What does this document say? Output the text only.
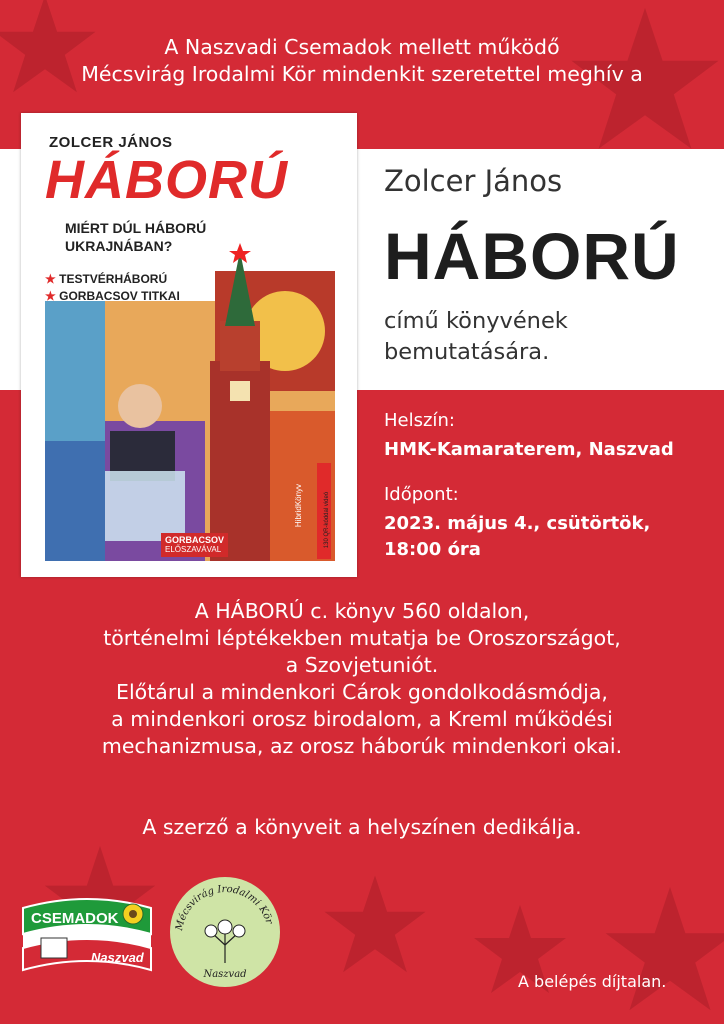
A Naszvadi Csemadok mellett működő
Mécsvirág Irodalmi Kör mindenkit szeretettel meghív a
ZOLCER JÁNOS
HÁBORÚ
MIÉRT DÚL HÁBORÚ
UKRAJNÁBAN?
★ TESTVÉRHÁBORÚ
★ GORBACSOV TITKAI
HibridKönyv	130 QR-kóddal videó
GORBACSOV
ELŐSZAVÁVAL
Zolcer János
HÁBORÚ
című könyvének
bemutatására.
Helszín:
HMK-Kamaraterem, Naszvad
Időpont:
2023. május 4., csütörtök,
18:00 óra
A HÁBORÚ c. könyv 560 oldalon,
történelmi léptékekben mutatja be Oroszországot,
a Szovjetuniót.
Előtárul a mindenkori Cárok gondolkodásmódja,
a mindenkori orosz birodalom, a Kreml működési
mechanizmusa, az orosz háborúk mindenkori okai.
A szerző a könyveit a helyszínen dedikálja.
A belépés díjtalan.
CSEMADOK
Naszvad
Mécsvirág Irodalmi Kör
Naszvad
